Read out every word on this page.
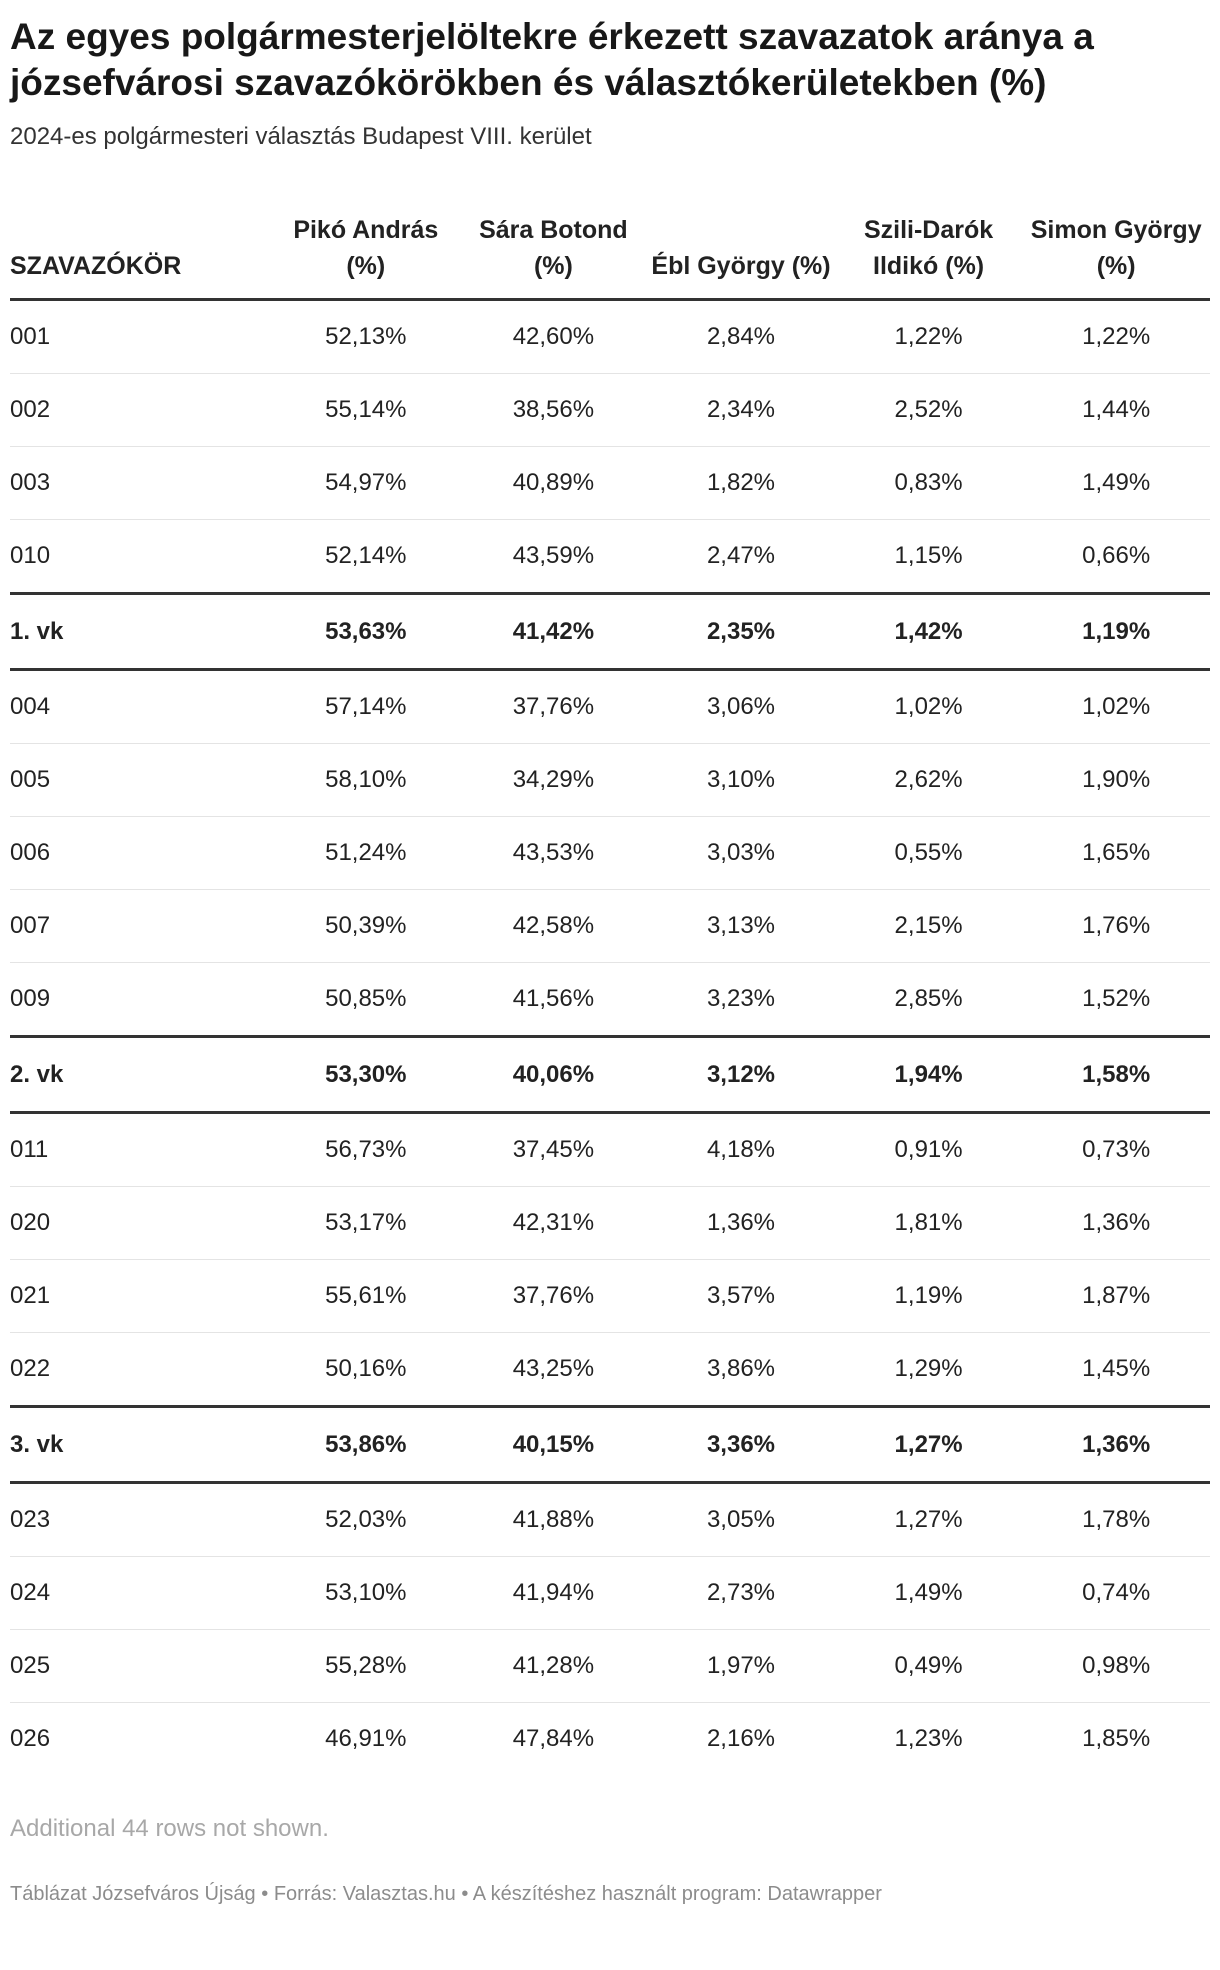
Az egyes polgármesterjelöltekre érkezett szavazatok aránya a józsefvárosi szavazókörökben és választókerületekben (%)
2024-es polgármesteri választás Budapest VIII. kerület
SZAVAZÓKÖR	Pikó András (%)	Sára Botond (%)	Ébl György (%)	Szili-Darók Ildikó (%)	Simon György (%)
001	52,13%	42,60%	2,84%	1,22%	1,22%
002	55,14%	38,56%	2,34%	2,52%	1,44%
003	54,97%	40,89%	1,82%	0,83%	1,49%
010	52,14%	43,59%	2,47%	1,15%	0,66%
1. vk	53,63%	41,42%	2,35%	1,42%	1,19%
004	57,14%	37,76%	3,06%	1,02%	1,02%
005	58,10%	34,29%	3,10%	2,62%	1,90%
006	51,24%	43,53%	3,03%	0,55%	1,65%
007	50,39%	42,58%	3,13%	2,15%	1,76%
009	50,85%	41,56%	3,23%	2,85%	1,52%
2. vk	53,30%	40,06%	3,12%	1,94%	1,58%
011	56,73%	37,45%	4,18%	0,91%	0,73%
020	53,17%	42,31%	1,36%	1,81%	1,36%
021	55,61%	37,76%	3,57%	1,19%	1,87%
022	50,16%	43,25%	3,86%	1,29%	1,45%
3. vk	53,86%	40,15%	3,36%	1,27%	1,36%
023	52,03%	41,88%	3,05%	1,27%	1,78%
024	53,10%	41,94%	2,73%	1,49%	0,74%
025	55,28%	41,28%	1,97%	0,49%	0,98%
026	46,91%	47,84%	2,16%	1,23%	1,85%
Additional 44 rows not shown.
Táblázat Józsefváros Újság • Forrás: Valasztas.hu • A készítéshez használt program: Datawrapper
